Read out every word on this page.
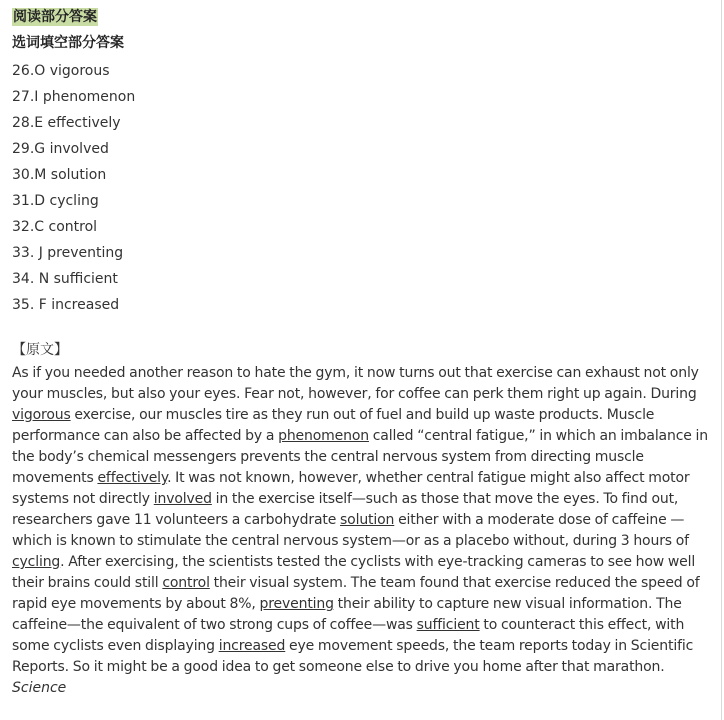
阅读部分答案
选词填空部分答案
26.O vigorous
27.I phenomenon
28.E effectively
29.G involved
30.M solution
31.D cycling
32.C control
33. J preventing
34. N sufficient
35. F increased
【原文】

As if you needed another reason to hate the gym, it now turns out that exercise can exhaust not only your muscles, but also your eyes. Fear not, however, for coffee can perk them right up again. During vigorous exercise, our muscles tire as they run out of fuel and build up waste products. Muscle performance can also be affected by a phenomenon called “central fatigue,” in which an imbalance in the body’s chemical messengers prevents the central nervous system from directing muscle movements effectively. It was not known, however, whether central fatigue might also affect motor systems not directly involved in the exercise itself—such as those that move the eyes. To find out, researchers gave 11 volunteers a carbohydrate solution either with a moderate dose of caffeine —which is known to stimulate the central nervous system—or as a placebo without, during 3 hours of cycling. After exercising, the scientists tested the cyclists with eye-tracking cameras to see how well their brains could still control their visual system. The team found that exercise reduced the speed of rapid eye movements by about 8%, preventing their ability to capture new visual information. The caffeine—the equivalent of two strong cups of coffee—was sufficient to counteract this effect, with some cyclists even displaying increased eye movement speeds, the team reports today in Scientific Reports. So it might be a good idea to get someone else to drive you home after that marathon.

Science
